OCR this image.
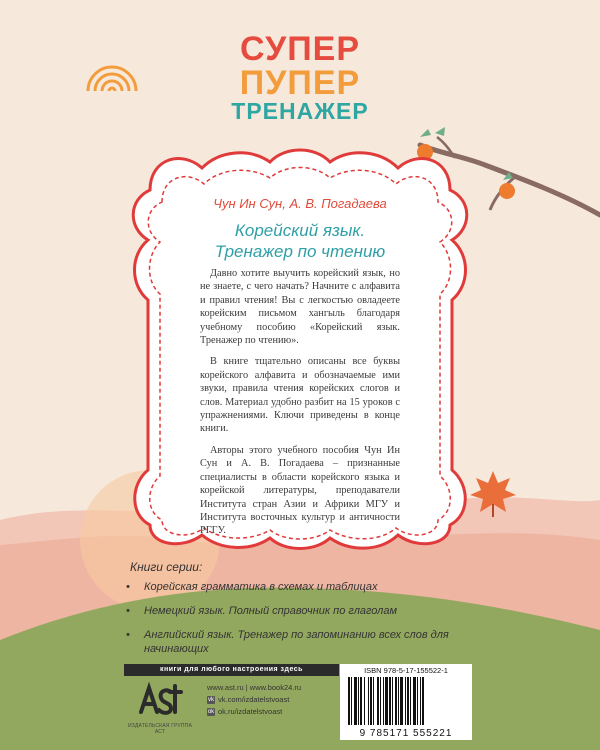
СУПЕР
ПУПЕР
ТРЕНАЖЕР
Чун Ин Сун, А. В. Погадаева
Корейский язык.
Тренажер по чтению

Давно хотите выучить корейский язык, но не знаете, с чего начать? Начните с алфавита и правил чтения! Вы с легкостью овладеете корейским письмом хангыль благодаря учебному пособию «Корейский язык. Тренажер по чтению».

В книге тщательно описаны все буквы корейского алфавита и обозначаемые ими звуки, правила чтения корейских слогов и слов. Материал удобно разбит на 15 уроков с упражнениями. Ключи приведены в конце книги.

Авторы этого учебного пособия Чун Ин Сун и А. В. Погадаева – признанные специалисты в области корейского языка и корейской литературы, преподаватели Института стран Азии и Африки МГУ и Института восточных культур и античности РГГУ.

Книги серии:
• Корейская грамматика в схемах и таблицах
• Немецкий язык. Полный справочник по глаголам
• Английский язык. Тренажер по запоминанию всех слов для начинающих
книги для любого настроения здесь
ИЗДАТЕЛЬСКАЯ ГРУППА АСТ
www.ast.ru | www.book24.ru
vk vk.com/izdatelstvoast
ok ok.ru/izdatelstvoast
ISBN 978-5-17-155522-1
9 785171 555221
